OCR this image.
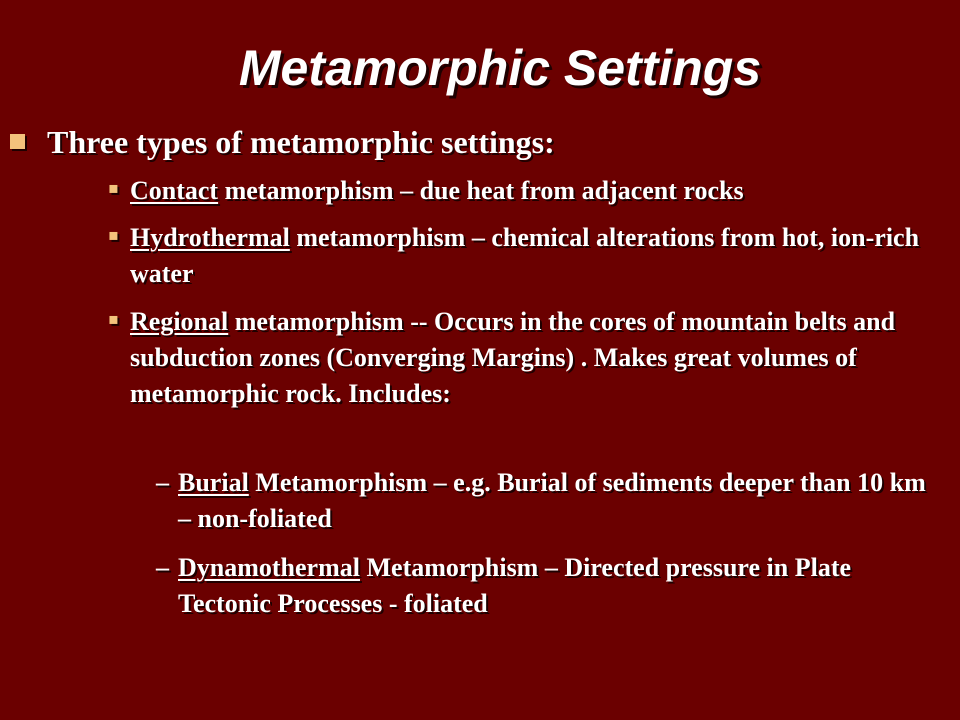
Metamorphic Settings
Three types of metamorphic settings:
▪ Contact metamorphism – due heat from adjacent rocks
▪ Hydrothermal metamorphism – chemical alterations from hot, ion-rich water
▪ Regional metamorphism -- Occurs in the cores of mountain belts and subduction zones (Converging Margins) . Makes great volumes of metamorphic rock. Includes:
– Burial Metamorphism – e.g. Burial of sediments deeper than 10 km – non-foliated
– Dynamothermal Metamorphism – Directed pressure in Plate Tectonic Processes - foliated
